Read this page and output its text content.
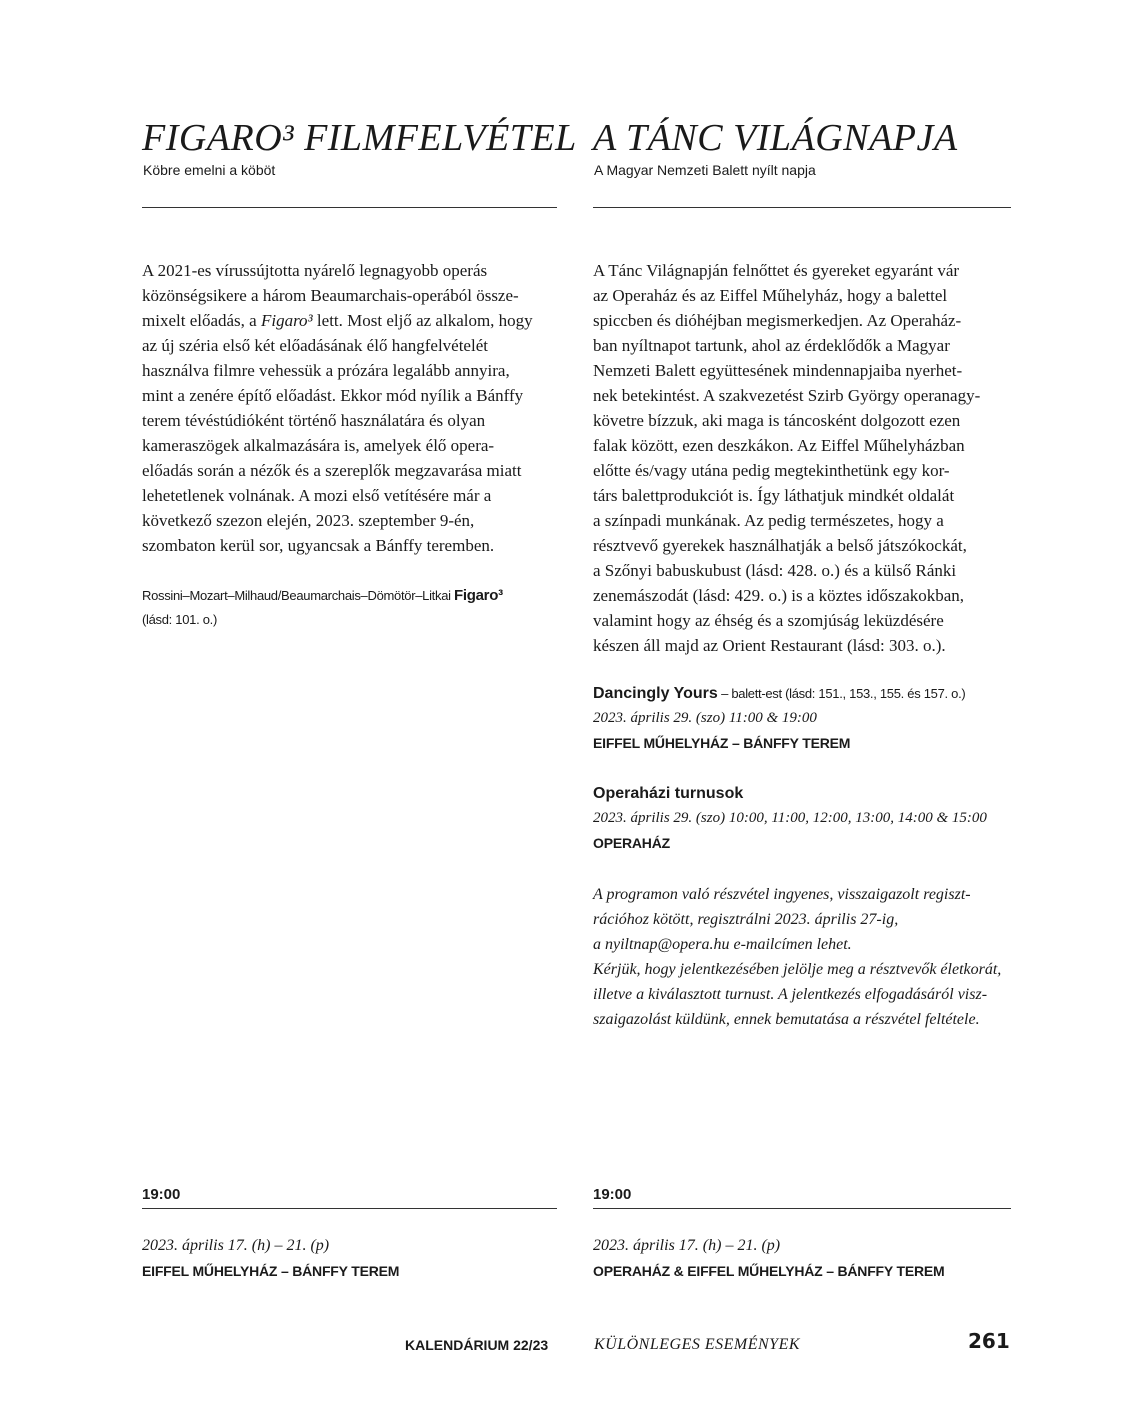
FIGARO³ FILMFELVÉTEL

Köbre emelni a köböt

A 2021-es vírussújtotta nyárelő legnagyobb operás
közönségsikere a három Beaumarchais-operából össze-
mixelt előadás, a Figaro³ lett. Most eljő az alkalom, hogy
az új széria első két előadásának élő hangfelvételét
használva filmre vehessük a prózára legalább annyira,
mint a zenére építő előadást. Ekkor mód nyílik a Bánffy
terem tévéstúdióként történő használatára és olyan
kameraszögek alkalmazására is, amelyek élő opera-
előadás során a nézők és a szereplők megzavarása miatt
lehetetlenek volnának. A mozi első vetítésére már a
következő szezon elején, 2023. szeptember 9-én,
szombaton kerül sor, ugyancsak a Bánffy teremben.

Rossini–Mozart–Milhaud/Beaumarchais–Dömötör–Litkai Figaro³
(lásd: 101. o.)
19:00
2023. április 17. (h) – 21. (p)
EIFFEL MŰHELYHÁZ – BÁNFFY TEREM
A TÁNC VILÁGNAPJA

A Magyar Nemzeti Balett nyílt napja

A Tánc Világnapján felnőttet és gyereket egyaránt vár
az Operaház és az Eiffel Műhelyház, hogy a balettel
spiccben és dióhéjban megismerkedjen. Az Operaház-
ban nyíltnapot tartunk, ahol az érdeklődők a Magyar
Nemzeti Balett együttesének mindennapjaiba nyerhet-
nek betekintést. A szakvezetést Szirb György operanagy-
követre bízzuk, aki maga is táncosként dolgozott ezen
falak között, ezen deszkákon. Az Eiffel Műhelyházban
előtte és/vagy utána pedig megtekinthetünk egy kor-
társ balettprodukciót is. Így láthatjuk mindkét oldalát
a színpadi munkának. Az pedig természetes, hogy a
résztvevő gyerekek használhatják a belső játszókockát,
a Szőnyi babuskubust (lásd: 428. o.) és a külső Ránki
zenemászodát (lásd: 429. o.) is a köztes időszakokban,
valamint hogy az éhség és a szomjúság leküzdésére
készen áll majd az Orient Restaurant (lásd: 303. o.).

Dancingly Yours – balett-est (lásd: 151., 153., 155. és 157. o.)
2023. április 29. (szo) 11:00 & 19:00
EIFFEL MŰHELYHÁZ – BÁNFFY TEREM
Operaházi turnusok
2023. április 29. (szo) 10:00, 11:00, 12:00, 13:00, 14:00 & 15:00
OPERAHÁZ

A programon való részvétel ingyenes, visszaigazolt regiszt-
rációhoz kötött, regisztrálni 2023. április 27-ig,
a nyiltnap@opera.hu e-mailcímen lehet.
Kérjük, hogy jelentkezésében jelölje meg a résztvevők életkorát,
illetve a kiválasztott turnust. A jelentkezés elfogadásáról visz-
szaigazolást küldünk, ennek bemutatása a részvétel feltétele.

19:00
2023. április 17. (h) – 21. (p)
OPERAHÁZ & EIFFEL MŰHELYHÁZ – BÁNFFY TEREM
KALENDÁRIUM 22/23	KÜLÖNLEGES ESEMÉNYEK	261
